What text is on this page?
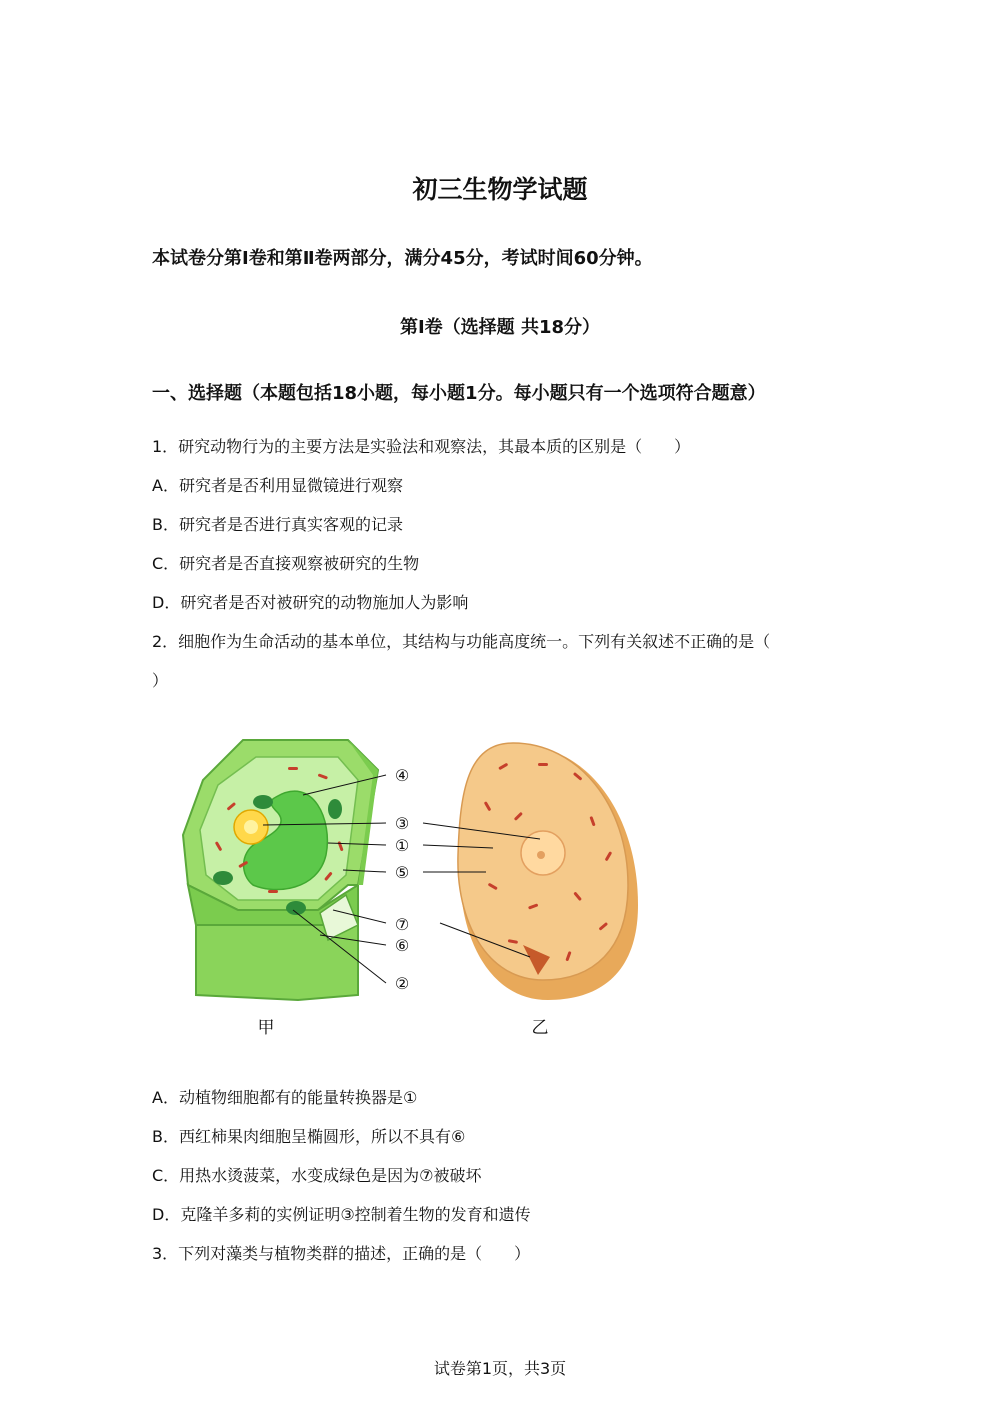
初三生物学试题
本试卷分第Ⅰ卷和第Ⅱ卷两部分，满分45分，考试时间60分钟。
第Ⅰ卷（选择题 共18分）
一、选择题（本题包括18小题，每小题1分。每小题只有一个选项符合题意）
1．研究动物行为的主要方法是实验法和观察法，其最本质的区别是（　　）
A．研究者是否利用显微镜进行观察
B．研究者是否进行真实客观的记录
C．研究者是否直接观察被研究的生物
D．研究者是否对被研究的动物施加人为影响
2．细胞作为生命活动的基本单位，其结构与功能高度统一。下列有关叙述不正确的是（
）
④
③
①
⑤
⑦
⑥
②
甲	乙
A．动植物细胞都有的能量转换器是①
B．西红柿果肉细胞呈椭圆形，所以不具有⑥
C．用热水烫菠菜，水变成绿色是因为⑦被破坏
D．克隆羊多莉的实例证明③控制着生物的发育和遗传
3．下列对藻类与植物类群的描述，正确的是（　　）
试卷第1页，共3页
